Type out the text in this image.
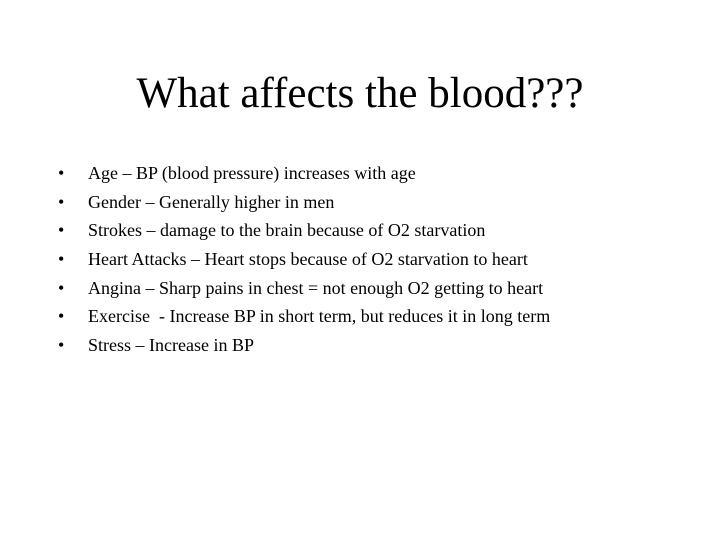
What affects the blood???
•	Age – BP (blood pressure) increases with age
•	Gender – Generally higher in men
•	Strokes – damage to the brain because of O2 starvation
•	Heart Attacks – Heart stops because of O2 starvation to heart
•	Angina – Sharp pains in chest = not enough O2 getting to heart
•	Exercise  - Increase BP in short term, but reduces it in long term
•	Stress – Increase in BP
